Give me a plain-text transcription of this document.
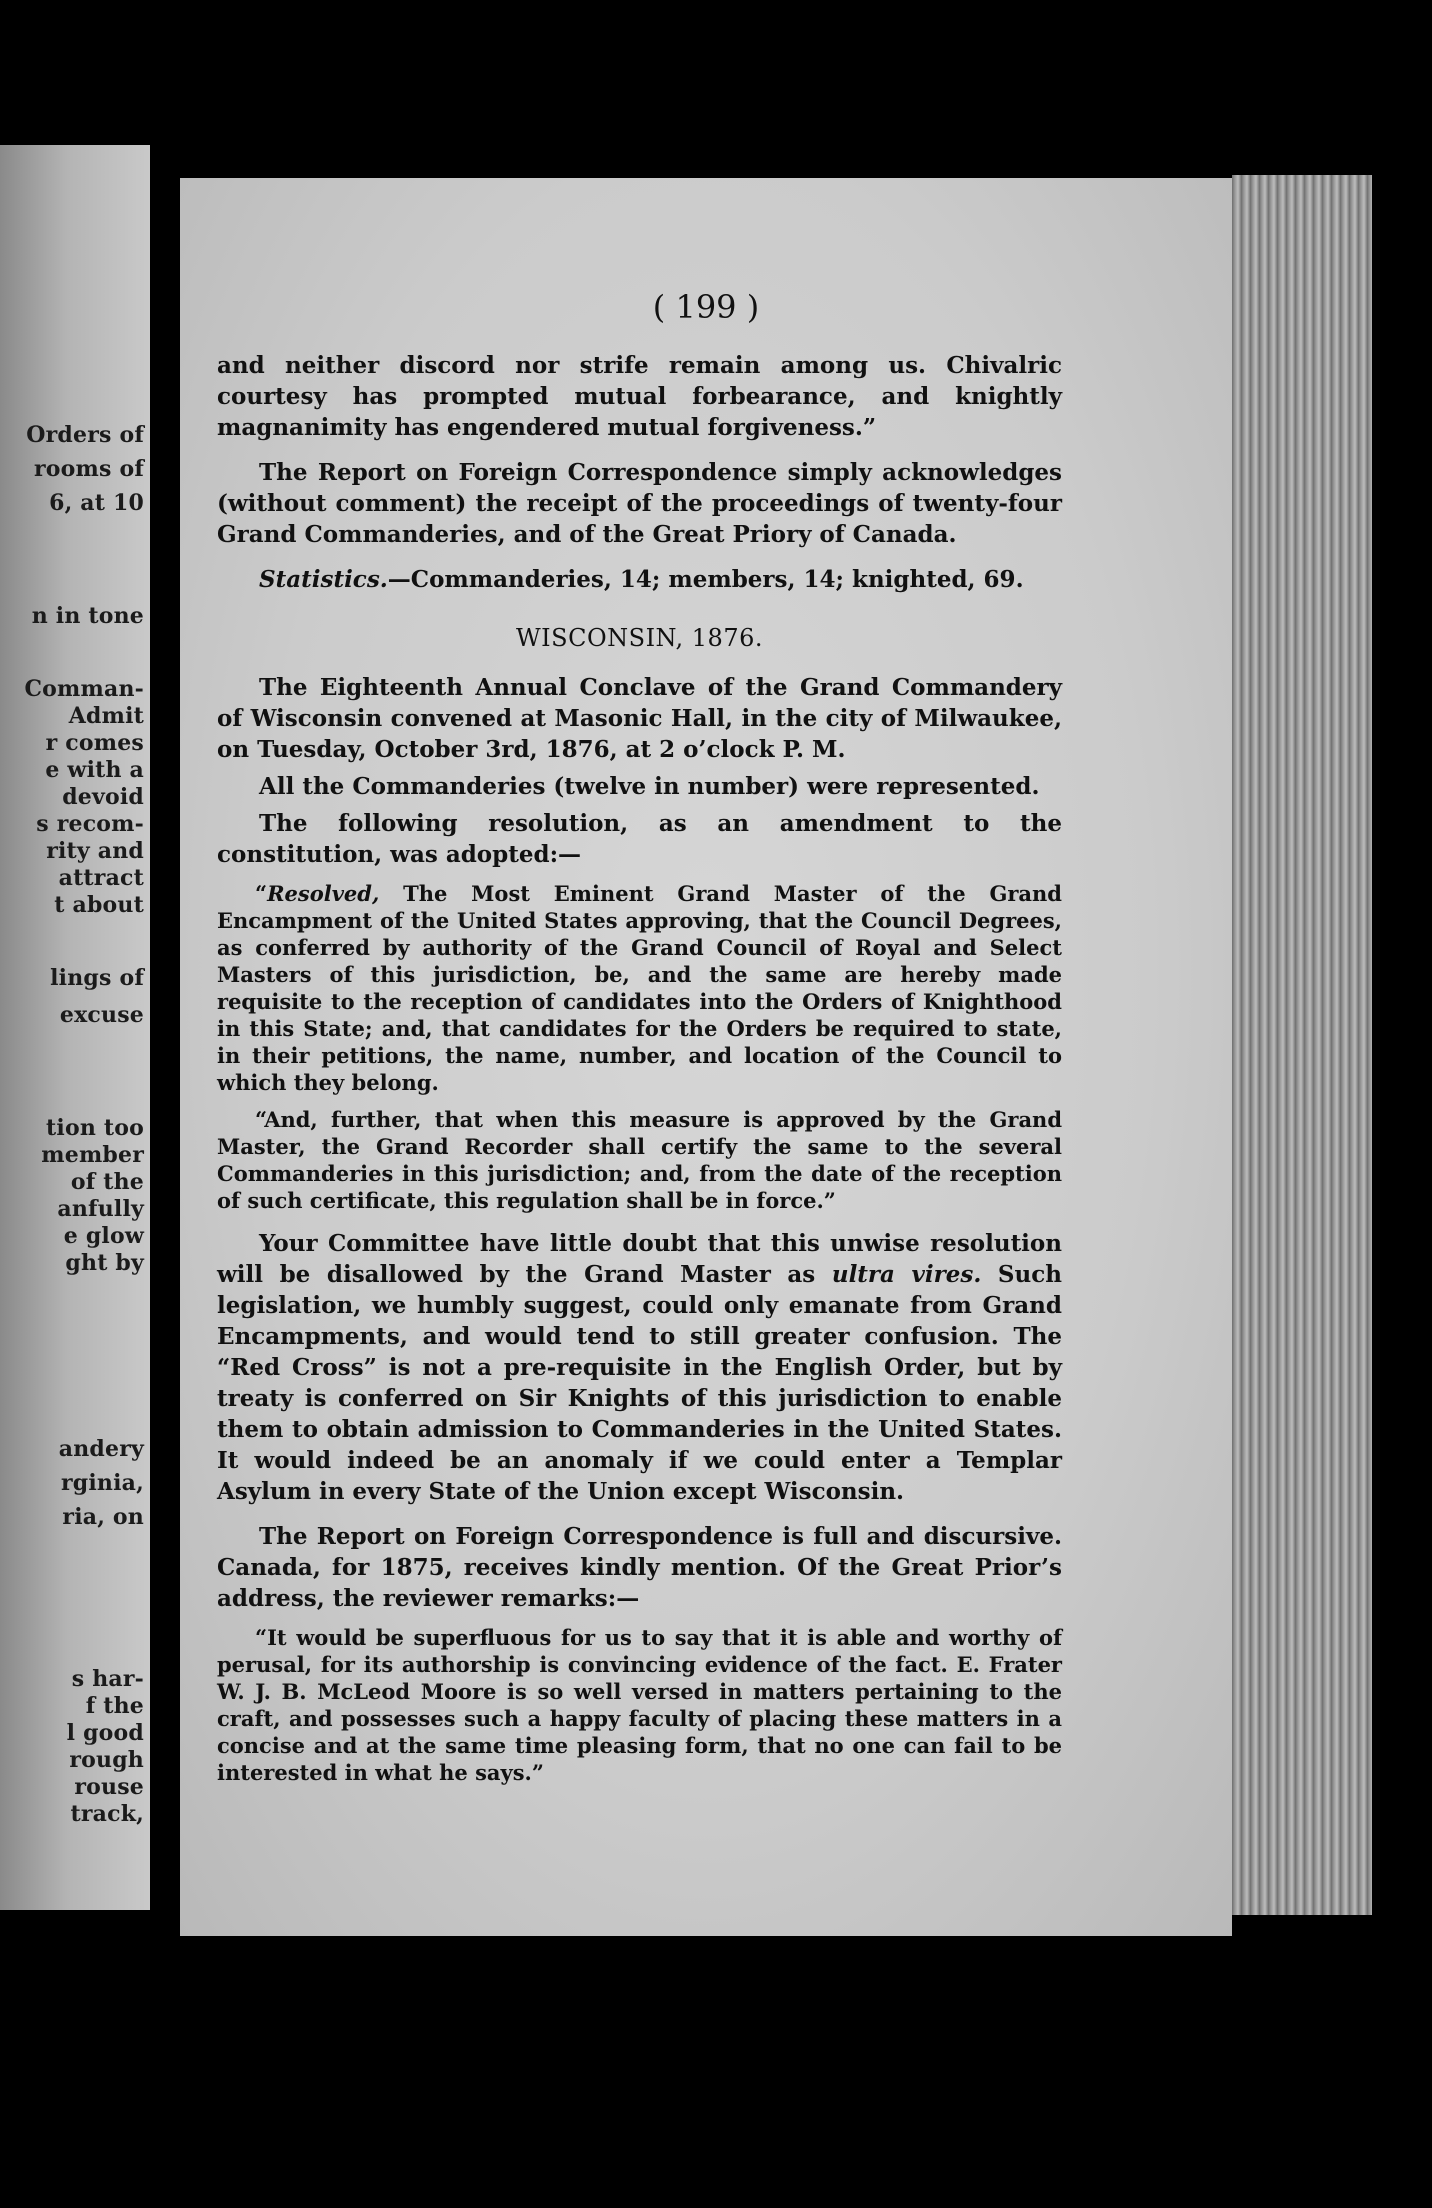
Orders of
rooms of
6, at 10
n in tone
Comman-
Admit
r comes
e with a
devoid
s recom-
rity and
attract
t about
lings of
excuse
tion too
member
of the
anfully
e glow
ght by
andery
rginia,
ria, on
s har-
f the
l good
rough
rouse
track,
( 199 )

and neither discord nor strife remain among us. Chivalric courtesy has prompted mutual forbearance, and knightly magnanimity has engendered mutual forgiveness.”

The Report on Foreign Correspondence simply acknowledges (without comment) the receipt of the proceedings of twenty-four Grand Commanderies, and of the Great Priory of Canada.

Statistics.—Commanderies, 14; members, 14; knighted, 69.

WISCONSIN, 1876.

The Eighteenth Annual Conclave of the Grand Commandery of Wisconsin convened at Masonic Hall, in the city of Milwaukee, on Tuesday, October 3rd, 1876, at 2 o’clock P. M.

All the Commanderies (twelve in number) were represented.

The following resolution, as an amendment to the constitution, was adopted:—

“Resolved, The Most Eminent Grand Master of the Grand Encampment of the United States approving, that the Council Degrees, as conferred by authority of the Grand Council of Royal and Select Masters of this jurisdiction, be, and the same are hereby made requisite to the reception of candidates into the Orders of Knighthood in this State; and, that candidates for the Orders be required to state, in their petitions, the name, number, and location of the Council to which they belong.

“And, further, that when this measure is approved by the Grand Master, the Grand Recorder shall certify the same to the several Commanderies in this jurisdiction; and, from the date of the reception of such certificate, this regulation shall be in force.”

Your Committee have little doubt that this unwise resolution will be disallowed by the Grand Master as ultra vires. Such legislation, we humbly suggest, could only emanate from Grand Encampments, and would tend to still greater confusion. The “Red Cross” is not a pre-requisite in the English Order, but by treaty is conferred on Sir Knights of this jurisdiction to enable them to obtain admission to Commanderies in the United States. It would indeed be an anomaly if we could enter a Templar Asylum in every State of the Union except Wisconsin.

The Report on Foreign Correspondence is full and discursive. Canada, for 1875, receives kindly mention. Of the Great Prior’s address, the reviewer remarks:—

“It would be superfluous for us to say that it is able and worthy of perusal, for its authorship is convincing evidence of the fact. E. Frater W. J. B. McLeod Moore is so well versed in matters pertaining to the craft, and possesses such a happy faculty of placing these matters in a concise and at the same time pleasing form, that no one can fail to be interested in what he says.”
